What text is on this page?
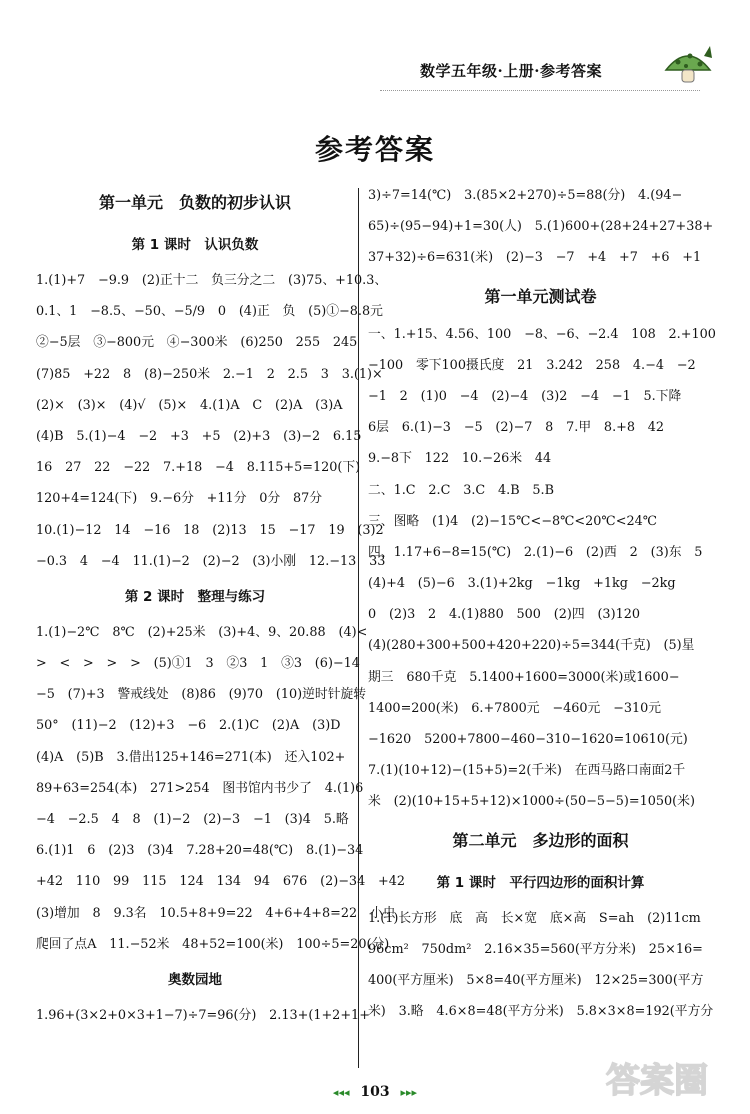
数学五年级·上册·参考答案
参考答案
第一单元　负数的初步认识
第 1 课时　认识负数
1.(1)+7　−9.9　(2)正十二　负三分之二　(3)75、+10.3、
0.1、1　−8.5、−50、−5/9　0　(4)正　负　(5)①−8.8元
②−5层　③−800元　④−300米　(6)250　255　245
(7)85　+22　8　(8)−250米　2.−1　2　2.5　3　3.(1)×
(2)×　(3)×　(4)√　(5)×　4.(1)A　C　(2)A　(3)A
(4)B　5.(1)−4　−2　+3　+5　(2)+3　(3)−2　6.15
16　27　22　−22　7.+18　−4　8.115+5=120(下)
120+4=124(下)　9.−6分　+11分　0分　87分
10.(1)−12　14　−16　18　(2)13　15　−17　19　(3)2
−0.3　4　−4　11.(1)−2　(2)−2　(3)小刚　12.−13　33
第 2 课时　整理与练习
1.(1)−2℃　8℃　(2)+25米　(3)+4、9、20.88　(4)<
>　<　>　>　>　(5)①1　3　②3　1　③3　(6)−14
−5　(7)+3　警戒线处　(8)86　(9)70　(10)逆时针旋转
50°　(11)−2　(12)+3　−6　2.(1)C　(2)A　(3)D
(4)A　(5)B　3.借出125+146=271(本)　还入102+
89+63=254(本)　271>254　图书馆内书少了　4.(1)6
−4　−2.5　4　8　(1)−2　(2)−3　−1　(3)4　5.略
6.(1)1　6　(2)3　(3)4　7.28+20=48(℃)　8.(1)−34
+42　110　99　115　124　134　94　676　(2)−34　+42
(3)增加　8　9.3名　10.5+8+9=22　4+6+4+8=22　小虫
爬回了点A　11.−52米　48+52=100(米)　100÷5=20(分)
奥数园地
1.96+(3×2+0×3+1−7)÷7=96(分)　2.13+(1+2+1+
3)÷7=14(℃)　3.(85×2+270)÷5=88(分)　4.(94−
65)÷(95−94)+1=30(人)　5.(1)600+(28+24+27+38+
37+32)÷6=631(米)　(2)−3　−7　+4　+7　+6　+1
第一单元测试卷
一、1.+15、4.56、100　−8、−6、−2.4　108　2.+100
−100　零下100摄氏度　21　3.242　258　4.−4　−2
−1　2　(1)0　−4　(2)−4　(3)2　−4　−1　5.下降
6层　6.(1)−3　−5　(2)−7　8　7.甲　8.+8　42
9.−8下　122　10.−26米　44
二、1.C　2.C　3.C　4.B　5.B
三、图略　(1)4　(2)−15℃<−8℃<20℃<24℃
四、1.17+6−8=15(℃)　2.(1)−6　(2)西　2　(3)东　5
(4)+4　(5)−6　3.(1)+2kg　−1kg　+1kg　−2kg
0　(2)3　2　4.(1)880　500　(2)四　(3)120
(4)(280+300+500+420+220)÷5=344(千克)　(5)星
期三　680千克　5.1400+1600=3000(米)或1600−
1400=200(米)　6.+7800元　−460元　−310元
−1620　5200+7800−460−310−1620=10610(元)
7.(1)(10+12)−(15+5)=2(千米)　在西马路口南面2千
米　(2)(10+15+5+12)×1000÷(50−5−5)=1050(米)
第二单元　多边形的面积
第 1 课时　平行四边形的面积计算
1.(1)长方形　底　高　长×宽　底×高　S=ah　(2)11cm
96cm²　750dm²　2.16×35=560(平方分米)　25×16=
400(平方厘米)　5×8=40(平方厘米)　12×25=300(平方
米)　3.略　4.6×8=48(平方分米)　5.8×3×8=192(平方分
◂◂◂ 103 ▸▸▸	答案圈
